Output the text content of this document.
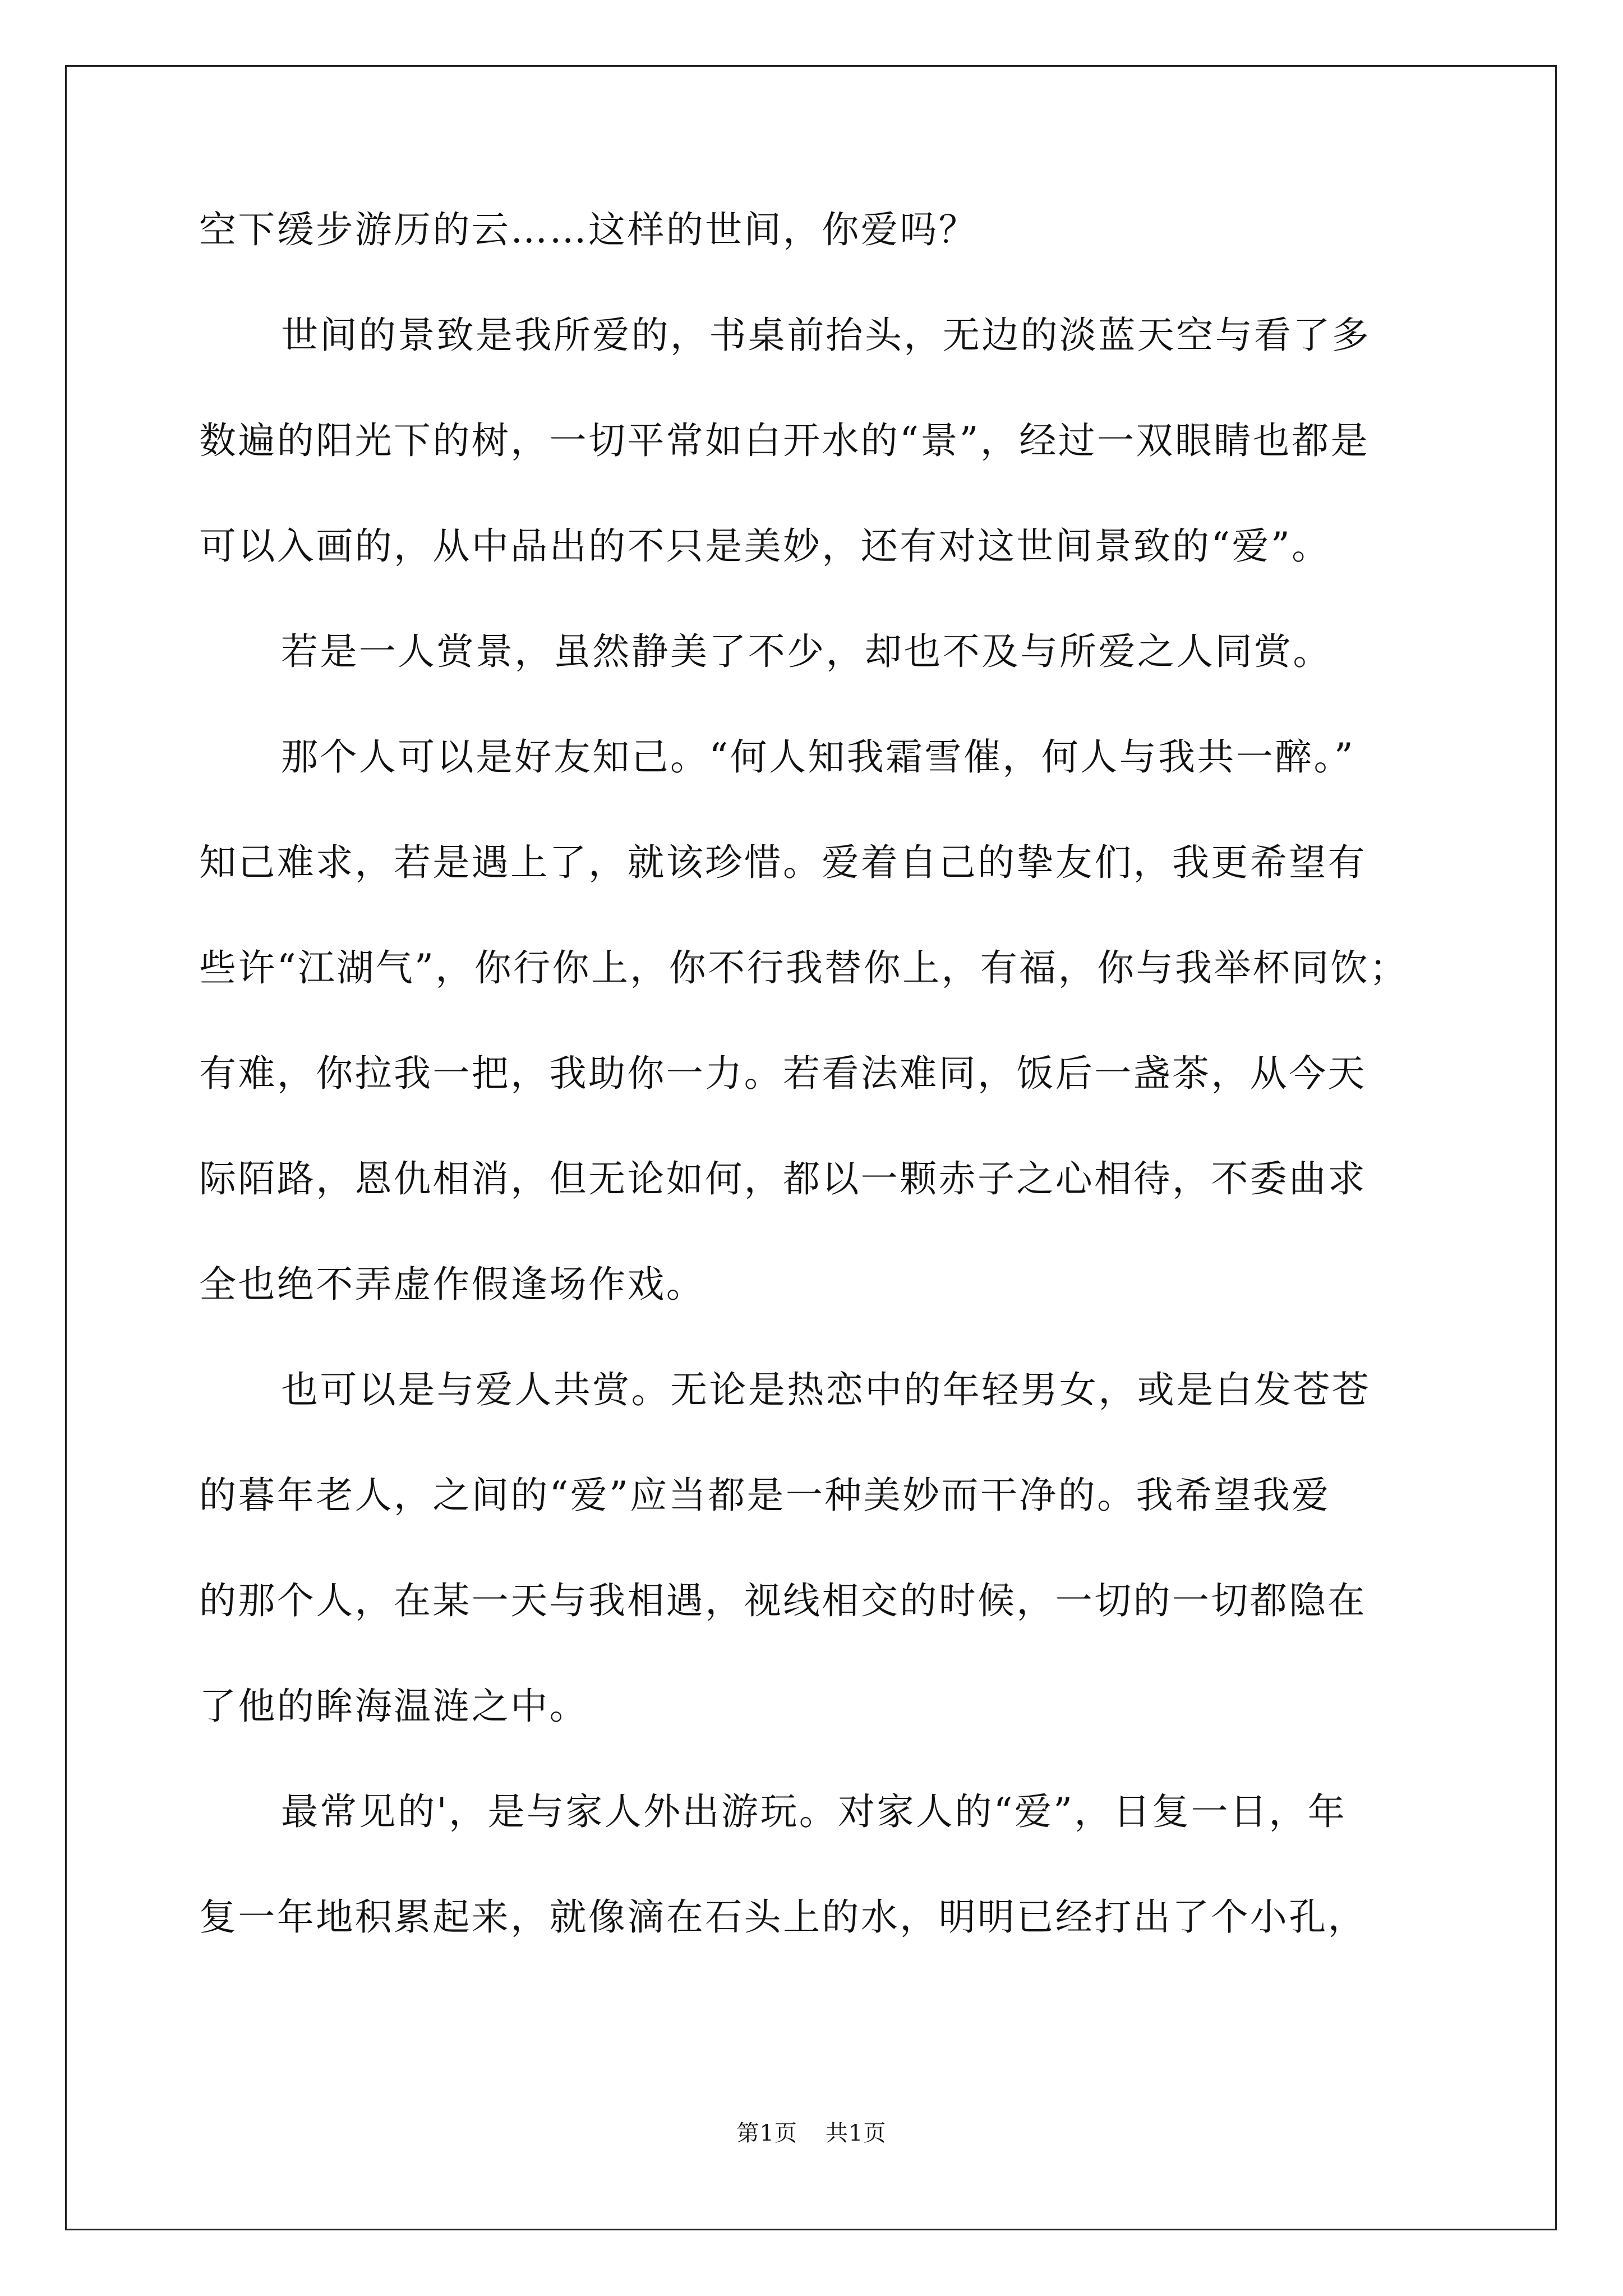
空下缓步游历的云……这样的世间，你爱吗？
世间的景致是我所爱的，书桌前抬头，无边的淡蓝天空与看了多
数遍的阳光下的树，一切平常如白开水的“景”，经过一双眼睛也都是
可以入画的，从中品出的不只是美妙，还有对这世间景致的“爱”。
若是一人赏景，虽然静美了不少，却也不及与所爱之人同赏。
那个人可以是好友知己。“何人知我霜雪催，何人与我共一醉。”
知己难求，若是遇上了，就该珍惜。爱着自己的挚友们，我更希望有
些许“江湖气”，你行你上，你不行我替你上，有福，你与我举杯同饮；
有难，你拉我一把，我助你一力。若看法难同，饭后一盏茶，从今天
际陌路，恩仇相消，但无论如何，都以一颗赤子之心相待，不委曲求
全也绝不弄虚作假逢场作戏。
也可以是与爱人共赏。无论是热恋中的年轻男女，或是白发苍苍
的暮年老人，之间的“爱”应当都是一种美妙而干净的。我希望我爱
的那个人，在某一天与我相遇，视线相交的时候，一切的一切都隐在
了他的眸海温涟之中。
最常见的'，是与家人外出游玩。对家人的“爱”，日复一日，年
复一年地积累起来，就像滴在石头上的水，明明已经打出了个小孔，
第1页 共1页
